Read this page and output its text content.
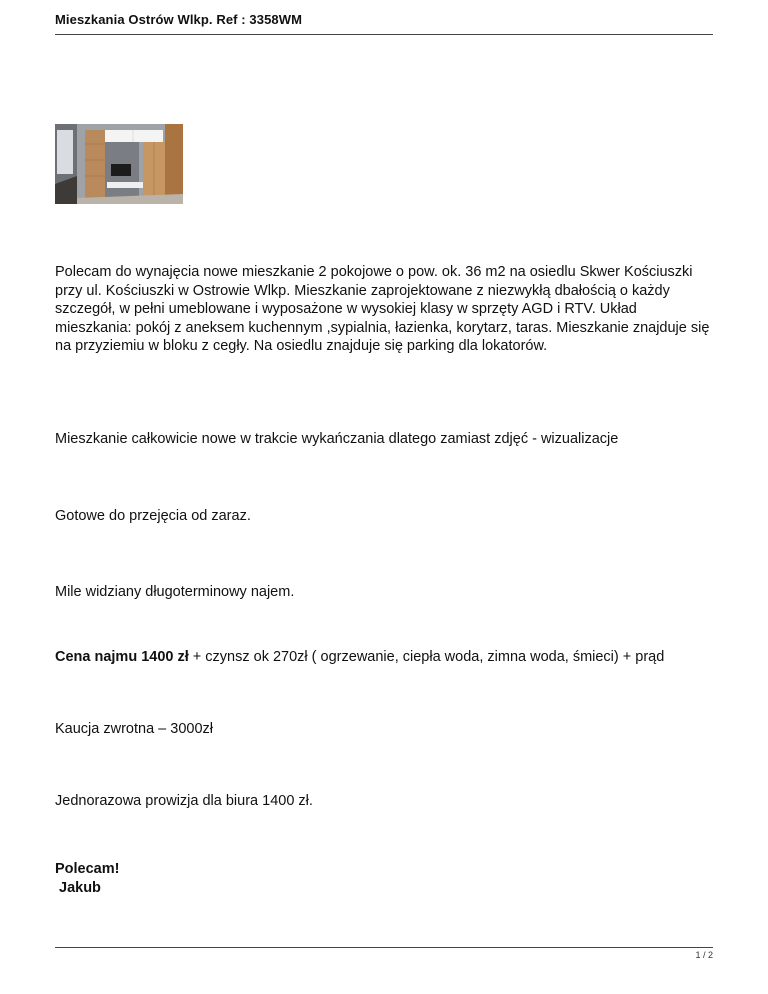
Mieszkania Ostrów Wlkp. Ref : 3358WM

Polecam do wynajęcia nowe mieszkanie 2 pokojowe o pow. ok. 36 m2 na osiedlu Skwer Kościuszki przy ul. Kościuszki w Ostrowie Wlkp. Mieszkanie zaprojektowane z niezwykłą dbałością o każdy szczegół, w pełni umeblowane i wyposażone w wysokiej klasy w sprzęty AGD i RTV. Układ mieszkania: pokój z aneksem kuchennym ,sypialnia, łazienka, korytarz, taras. Mieszkanie znajduje się na przyziemiu w bloku z cegły. Na osiedlu znajduje się parking dla lokatorów.

Mieszkanie całkowicie nowe w trakcie wykańczania dlatego zamiast zdjęć - wizualizacje

Gotowe do przejęcia od zaraz.

Mile widziany długoterminowy najem.

Cena najmu 1400 zł + czynsz ok 270zł ( ogrzewanie, ciepła woda, zimna woda, śmieci) + prąd

Kaucja zwrotna – 3000zł

Jednorazowa prowizja dla biura 1400 zł.

Polecam!
Jakub

1 / 2
